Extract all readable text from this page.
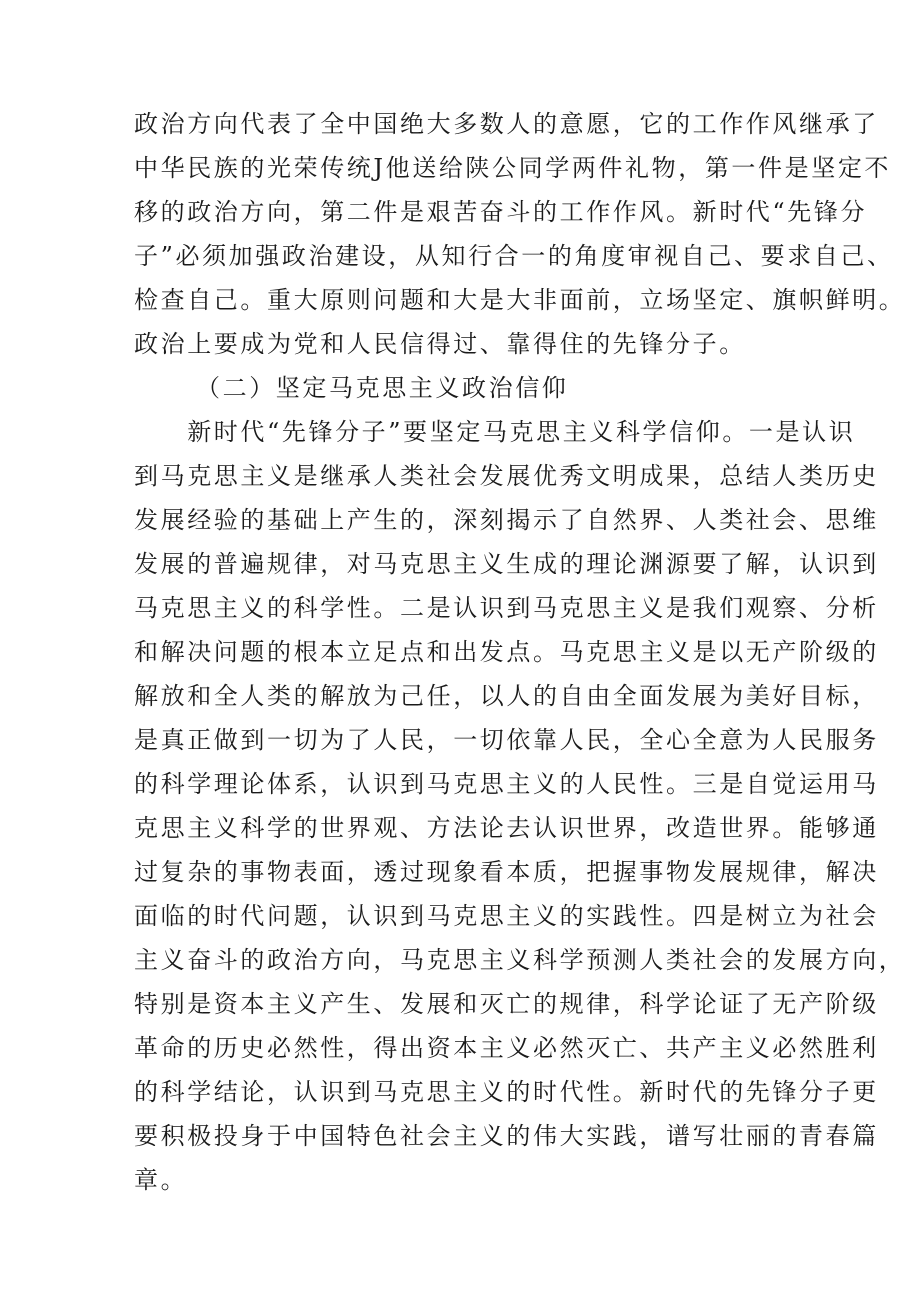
政治方向代表了全中国绝大多数人的意愿，它的工作作风继承了
中华民族的光荣传统J他送给陕公同学两件礼物，第一件是坚定不
移的政治方向，第二件是艰苦奋斗的工作作风。新时代“先锋分
子”必须加强政治建设，从知行合一的角度审视自己、要求自己、
检查自己。重大原则问题和大是大非面前，立场坚定、旗帜鲜明。
政治上要成为党和人民信得过、靠得住的先锋分子。
（二）坚定马克思主义政治信仰
　　新时代“先锋分子”要坚定马克思主义科学信仰。一是认识
到马克思主义是继承人类社会发展优秀文明成果，总结人类历史
发展经验的基础上产生的，深刻揭示了自然界、人类社会、思维
发展的普遍规律，对马克思主义生成的理论渊源要了解，认识到
马克思主义的科学性。二是认识到马克思主义是我们观察、分析
和解决问题的根本立足点和出发点。马克思主义是以无产阶级的
解放和全人类的解放为己任，以人的自由全面发展为美好目标，
是真正做到一切为了人民，一切依靠人民，全心全意为人民服务
的科学理论体系，认识到马克思主义的人民性。三是自觉运用马
克思主义科学的世界观、方法论去认识世界，改造世界。能够通
过复杂的事物表面，透过现象看本质，把握事物发展规律，解决
面临的时代问题，认识到马克思主义的实践性。四是树立为社会
主义奋斗的政治方向，马克思主义科学预测人类社会的发展方向，
特别是资本主义产生、发展和灭亡的规律，科学论证了无产阶级
革命的历史必然性，得出资本主义必然灭亡、共产主义必然胜利
的科学结论，认识到马克思主义的时代性。新时代的先锋分子更
要积极投身于中国特色社会主义的伟大实践，谱写壮丽的青春篇
章。
